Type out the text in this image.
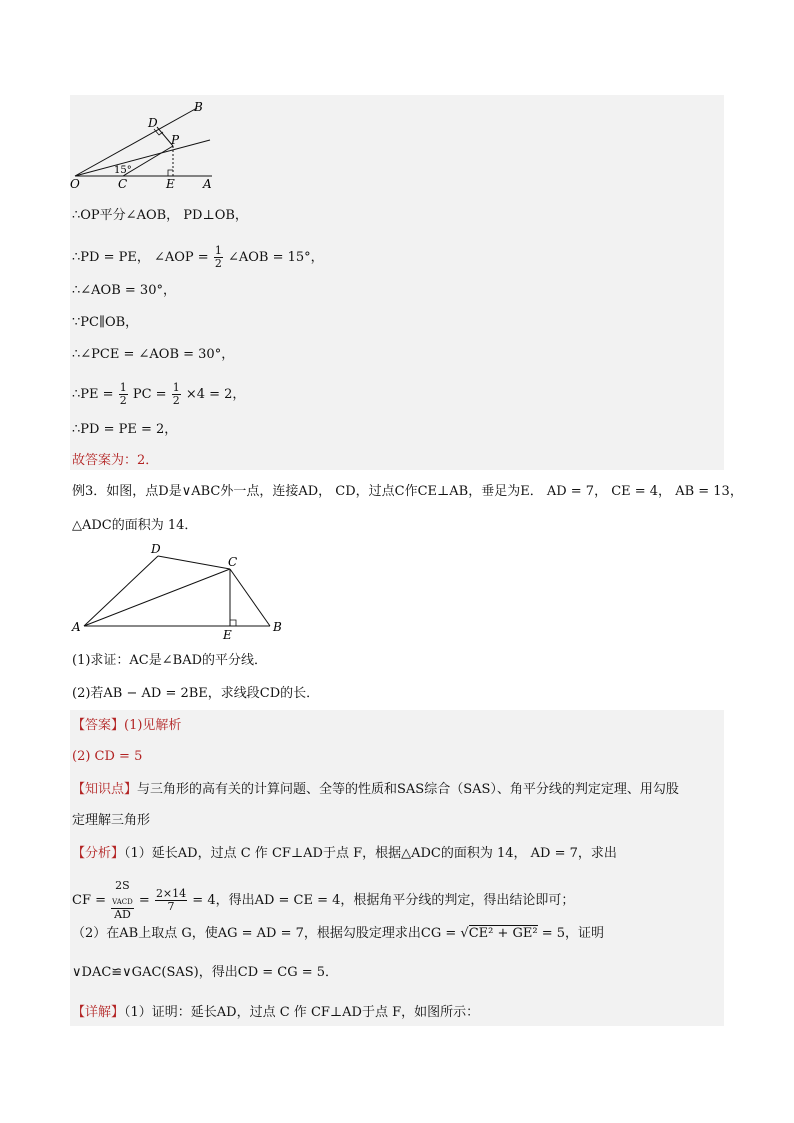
B
D
P
O	C	E A
15°
∴OP平分∠AOB， PD⊥OB，
∴PD = PE， ∠AOP = $\frac{1}{2}$ ∠AOB = 15°，
∴∠AOB = 30°，
∵PC∥OB，
∴∠PCE = ∠AOB = 30°，
∴PE = $\frac{1}{2}$ PC = $\frac{1}{2} \times 4 = 2$，
∴PD = PE = 2，
故答案为：2．
例3．如图，点D是∨ABC外一点，连接AD， CD，过点C作CE⊥AB，垂足为E． AD = 7， CE = 4， AB = 13，
△ADC的面积为 14．
A	B
C
D
E
(1)求证：AC是∠BAD的平分线．
(2)若AB − AD = 2BE，求线段CD的长．
【答案】(1)见解析
(2) CD = 5
【知识点】与三角形的高有关的计算问题、全等的性质和SAS综合（SAS）、角平分线的判定定理、用勾股
定理解三角形
【分析】（1）延长AD，过点 C 作 CF⊥AD于点 F，根据△ADC的面积为 14， AD = 7，求出
CF = 2S
$_{VACD}$
AD = $\frac{2\times 14}{7} = 4$，得出AD = CE = 4，根据角平分线的判定，得出结论即可；
（2）在AB上取点 G，使AG = AD = 7，根据勾股定理求出CG = √CE² + GE² = 5，证明
∨DAC≌∨GAC(SAS)，得出CD = CG = 5．
【详解】（1）证明：延长AD，过点 C 作 CF⊥AD于点 F，如图所示：
